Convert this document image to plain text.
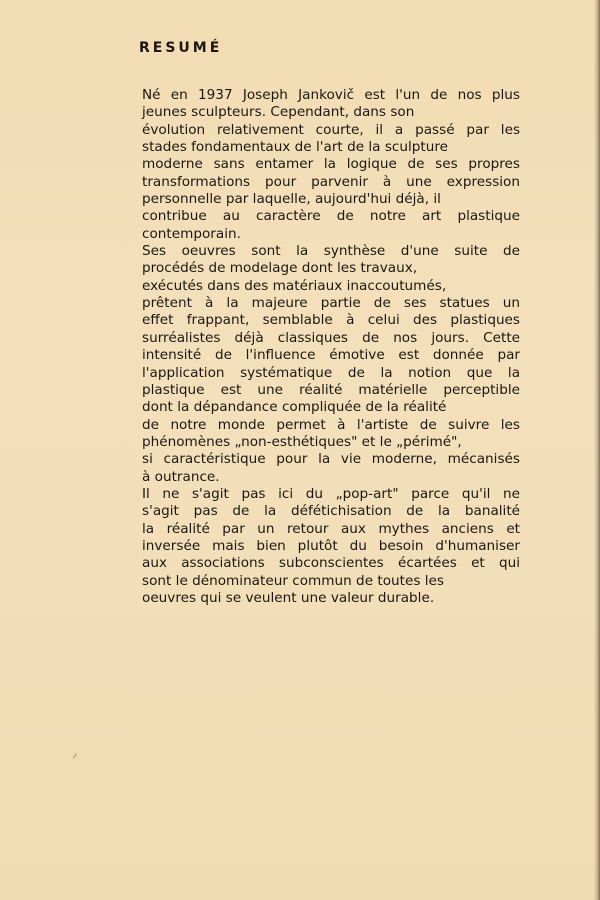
RESUMÉ
Né en 1937 Joseph Jankovič est l'un de nos plus
jeunes sculpteurs. Cependant, dans son
évolution relativement courte, il a passé par les
stades fondamentaux de l'art de la sculpture
moderne sans entamer la logique de ses propres
transformations pour parvenir à une expression
personnelle par laquelle, aujourd'hui déjà, il
contribue au caractère de notre art plastique
contemporain.
Ses oeuvres sont la synthèse d'une suite de
procédés de modelage dont les travaux,
exécutés dans des matériaux inaccoutumés,
prêtent à la majeure partie de ses statues un
effet frappant, semblable à celui des plastiques
surréalistes déjà classiques de nos jours. Cette
intensité de l'influence émotive est donnée par
l'application systématique de la notion que la
plastique est une réalité matérielle perceptible
dont la dépandance compliquée de la réalité
de notre monde permet à l'artiste de suivre les
phénomènes „non-esthétiques" et le „périmé",
si caractéristique pour la vie moderne, mécanisés
à outrance.
Il ne s'agit pas ici du „pop-art" parce qu'il ne
s'agit pas de la défétichisation de la banalité
la réalité par un retour aux mythes anciens et
inversée mais bien plutôt du besoin d'humaniser
aux associations subconscientes écartées et qui
sont le dénominateur commun de toutes les
oeuvres qui se veulent une valeur durable.
